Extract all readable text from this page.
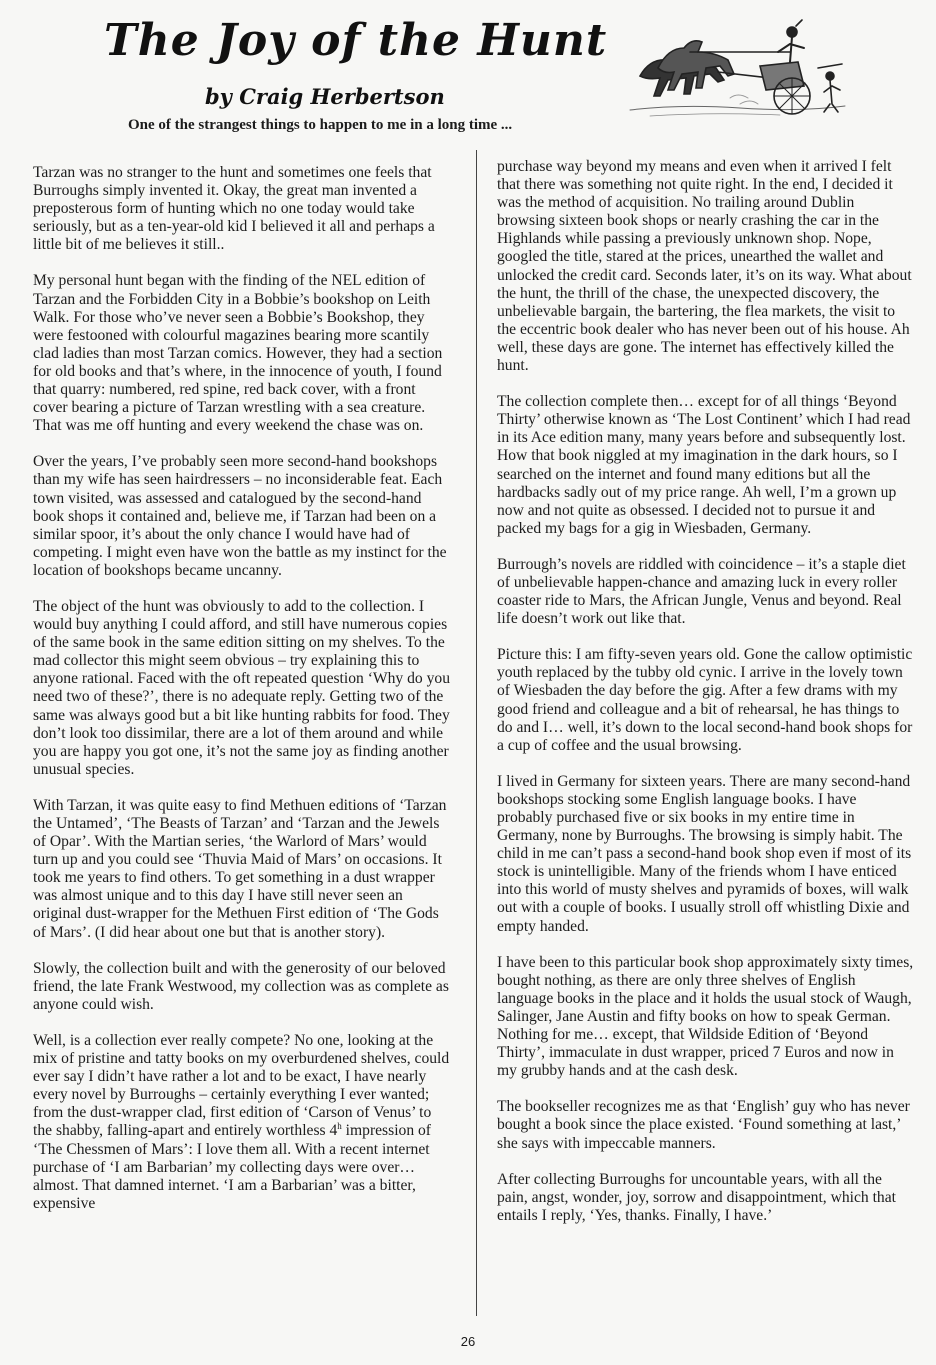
The Joy of the Hunt

by Craig Herbertson

One of the strangest things to happen to me in a long time ...

Tarzan was no stranger to the hunt and sometimes one feels that Burroughs simply invented it. Okay, the great man invented a preposterous form of hunting which no one today would take seriously, but as a ten-year-old kid I believed it all and perhaps a little bit of me believes it still..

My personal hunt began with the finding of the NEL edition of Tarzan and the Forbidden City in a Bobbie’s bookshop on Leith Walk. For those who’ve never seen a Bobbie’s Bookshop, they were festooned with colourful magazines bearing more scantily clad ladies than most Tarzan comics. However, they had a section for old books and that’s where, in the innocence of youth, I found that quarry: numbered, red spine, red back cover, with a front cover bearing a picture of Tarzan wrestling with a sea creature. That was me off hunting and every weekend the chase was on.

Over the years, I’ve probably seen more second-hand bookshops than my wife has seen hairdressers – no inconsiderable feat. Each town visited, was assessed and catalogued by the second-hand book shops it contained and, believe me, if Tarzan had been on a similar spoor, it’s about the only chance I would have had of competing. I might even have won the battle as my instinct for the location of bookshops became uncanny.

The object of the hunt was obviously to add to the collection. I would buy anything I could afford, and still have numerous copies of the same book in the same edition sitting on my shelves. To the mad collector this might seem obvious – try explaining this to anyone rational. Faced with the oft repeated question ‘Why do you need two of these?’, there is no adequate reply. Getting two of the same was always good but a bit like hunting rabbits for food. They don’t look too dissimilar, there are a lot of them around and while you are happy you got one, it’s not the same joy as finding another unusual species.

With Tarzan, it was quite easy to find Methuen editions of ‘Tarzan the Untamed’, ‘The Beasts of Tarzan’ and ‘Tarzan and the Jewels of Opar’. With the Martian series, ‘the Warlord of Mars’ would turn up and you could see ‘Thuvia Maid of Mars’ on occasions. It took me years to find others. To get something in a dust wrapper was almost unique and to this day I have still never seen an original dust-wrapper for the Methuen First edition of ‘The Gods of Mars’. (I did hear about one but that is another story).

Slowly, the collection built and with the generosity of our beloved friend, the late Frank Westwood, my collection was as complete as anyone could wish.

Well, is a collection ever really compete? No one, looking at the mix of pristine and tatty books on my overburdened shelves, could ever say I didn’t have rather a lot and to be exact, I have nearly every novel by Burroughs – certainly everything I ever wanted; from the dust-wrapper clad, first edition of ‘Carson of Venus’ to the shabby, falling-apart and entirely worthless 4$^h$ impression of ‘The Chessmen of Mars’: I love them all. With a recent internet purchase of ‘I am Barbarian’ my collecting days were over…almost. That damned internet. ‘I am a Barbarian’ was a bitter, expensive

purchase way beyond my means and even when it arrived I felt that there was something not quite right. In the end, I decided it was the method of acquisition. No trailing around Dublin browsing sixteen book shops or nearly crashing the car in the Highlands while passing a previously unknown shop. Nope, googled the title, stared at the prices, unearthed the wallet and unlocked the credit card. Seconds later, it’s on its way. What about the hunt, the thrill of the chase, the unexpected discovery, the unbelievable bargain, the bartering, the flea markets, the visit to the eccentric book dealer who has never been out of his house. Ah well, these days are gone. The internet has effectively killed the hunt.

The collection complete then… except for of all things ‘Beyond Thirty’ otherwise known as ‘The Lost Continent’ which I had read in its Ace edition many, many years before and subsequently lost. How that book niggled at my imagination in the dark hours, so I searched on the internet and found many editions but all the hardbacks sadly out of my price range. Ah well, I’m a grown up now and not quite as obsessed. I decided not to pursue it and packed my bags for a gig in Wiesbaden, Germany.

Burrough’s novels are riddled with coincidence – it’s a staple diet of unbelievable happen-chance and amazing luck in every roller coaster ride to Mars, the African Jungle, Venus and beyond. Real life doesn’t work out like that.

Picture this: I am fifty-seven years old. Gone the callow optimistic youth replaced by the tubby old cynic. I arrive in the lovely town of Wiesbaden the day before the gig. After a few drams with my good friend and colleague and a bit of rehearsal, he has things to do and I… well, it’s down to the local second-hand book shops for a cup of coffee and the usual browsing.

I lived in Germany for sixteen years. There are many second-hand bookshops stocking some English language books. I have probably purchased five or six books in my entire time in Germany, none by Burroughs. The browsing is simply habit. The child in me can’t pass a second-hand book shop even if most of its stock is unintelligible. Many of the friends whom I have enticed into this world of musty shelves and pyramids of boxes, will walk out with a couple of books. I usually stroll off whistling Dixie and empty handed.

I have been to this particular book shop approximately sixty times, bought nothing, as there are only three shelves of English language books in the place and it holds the usual stock of Waugh, Salinger, Jane Austin and fifty books on how to speak German. Nothing for me… except, that Wildside Edition of ‘Beyond Thirty’, immaculate in dust wrapper, priced 7 Euros and now in my grubby hands and at the cash desk.

The bookseller recognizes me as that ‘English’ guy who has never bought a book since the place existed. ‘Found something at last,’ she says with impeccable manners.

After collecting Burroughs for uncountable years, with all the pain, angst, wonder, joy, sorrow and disappointment, which that entails I reply, ‘Yes, thanks. Finally, I have.’

26
